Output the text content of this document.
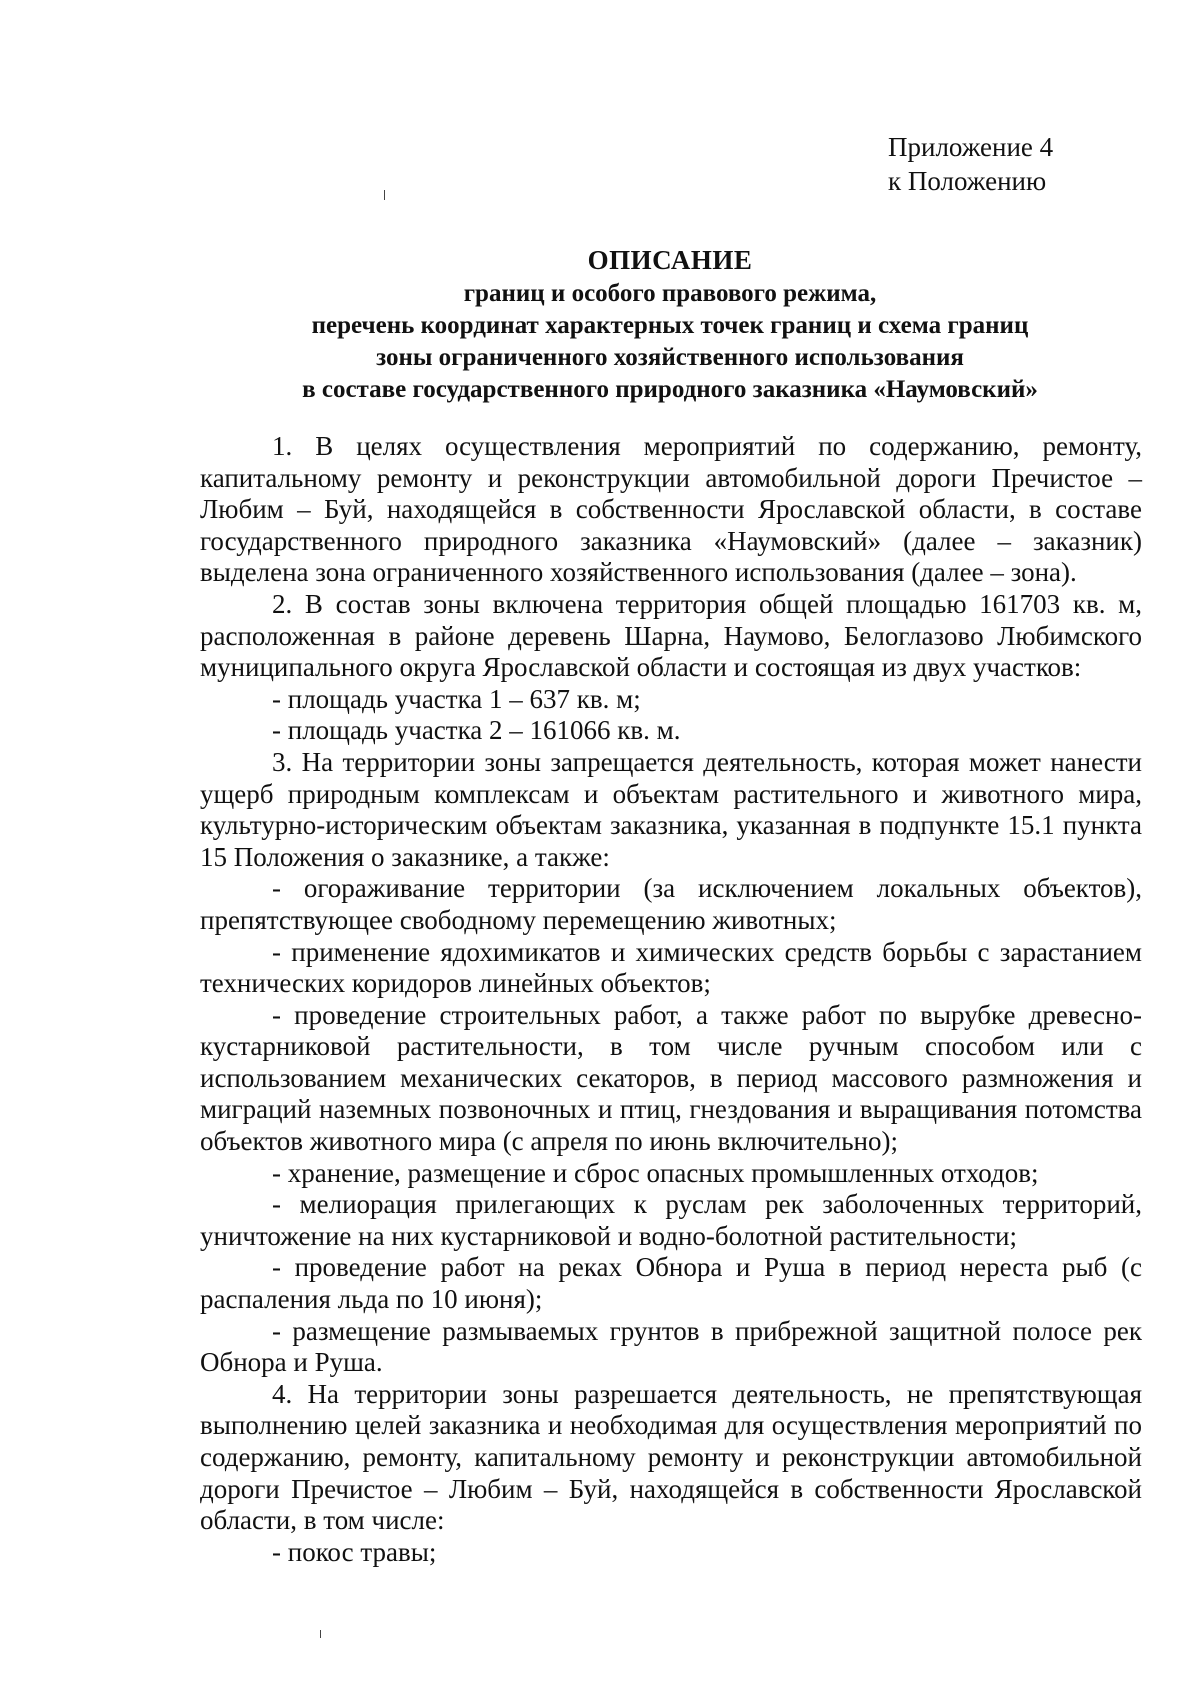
Приложение 4
к Положению
ОПИСАНИЕ
границ и особого правового режима,
перечень координат характерных точек границ и схема границ
зоны ограниченного хозяйственного использования
в составе государственного природного заказника «Наумовский»

1. В целях осуществления мероприятий по содержанию, ремонту, капитальному ремонту и реконструкции автомобильной дороги Пречистое – Любим – Буй, находящейся в собственности Ярославской области, в составе государственного природного заказника «Наумовский» (далее – заказник) выделена зона ограниченного хозяйственного использования (далее – зона).

2. В состав зоны включена территория общей площадью 161703 кв. м, расположенная в районе деревень Шарна, Наумово, Белоглазово Любимского муниципального округа Ярославской области и состоящая из двух участков:

- площадь участка 1 – 637 кв. м;

- площадь участка 2 – 161066 кв. м.

3. На территории зоны запрещается деятельность, которая может нанести ущерб природным комплексам и объектам растительного и животного мира, культурно-историческим объектам заказника, указанная в подпункте 15.1 пункта 15 Положения о заказнике, а также:

- огораживание территории (за исключением локальных объектов), препятствующее свободному перемещению животных;

- применение ядохимикатов и химических средств борьбы с зарастанием технических коридоров линейных объектов;

- проведение строительных работ, а также работ по вырубке древесно-кустарниковой растительности, в том числе ручным способом или с использованием механических секаторов, в период массового размножения и миграций наземных позвоночных и птиц, гнездования и выращивания потомства объектов животного мира (с апреля по июнь включительно);

- хранение, размещение и сброс опасных промышленных отходов;

- мелиорация прилегающих к руслам рек заболоченных территорий, уничтожение на них кустарниковой и водно-болотной растительности;

- проведение работ на реках Обнора и Руша в период нереста рыб (с распаления льда по 10 июня);

- размещение размываемых грунтов в прибрежной защитной полосе рек Обнора и Руша.

4. На территории зоны разрешается деятельность, не препятствующая выполнению целей заказника и необходимая для осуществления мероприятий по содержанию, ремонту, капитальному ремонту и реконструкции автомобильной дороги Пречистое – Любим – Буй, находящейся в собственности Ярославской области, в том числе:

- покос травы;
